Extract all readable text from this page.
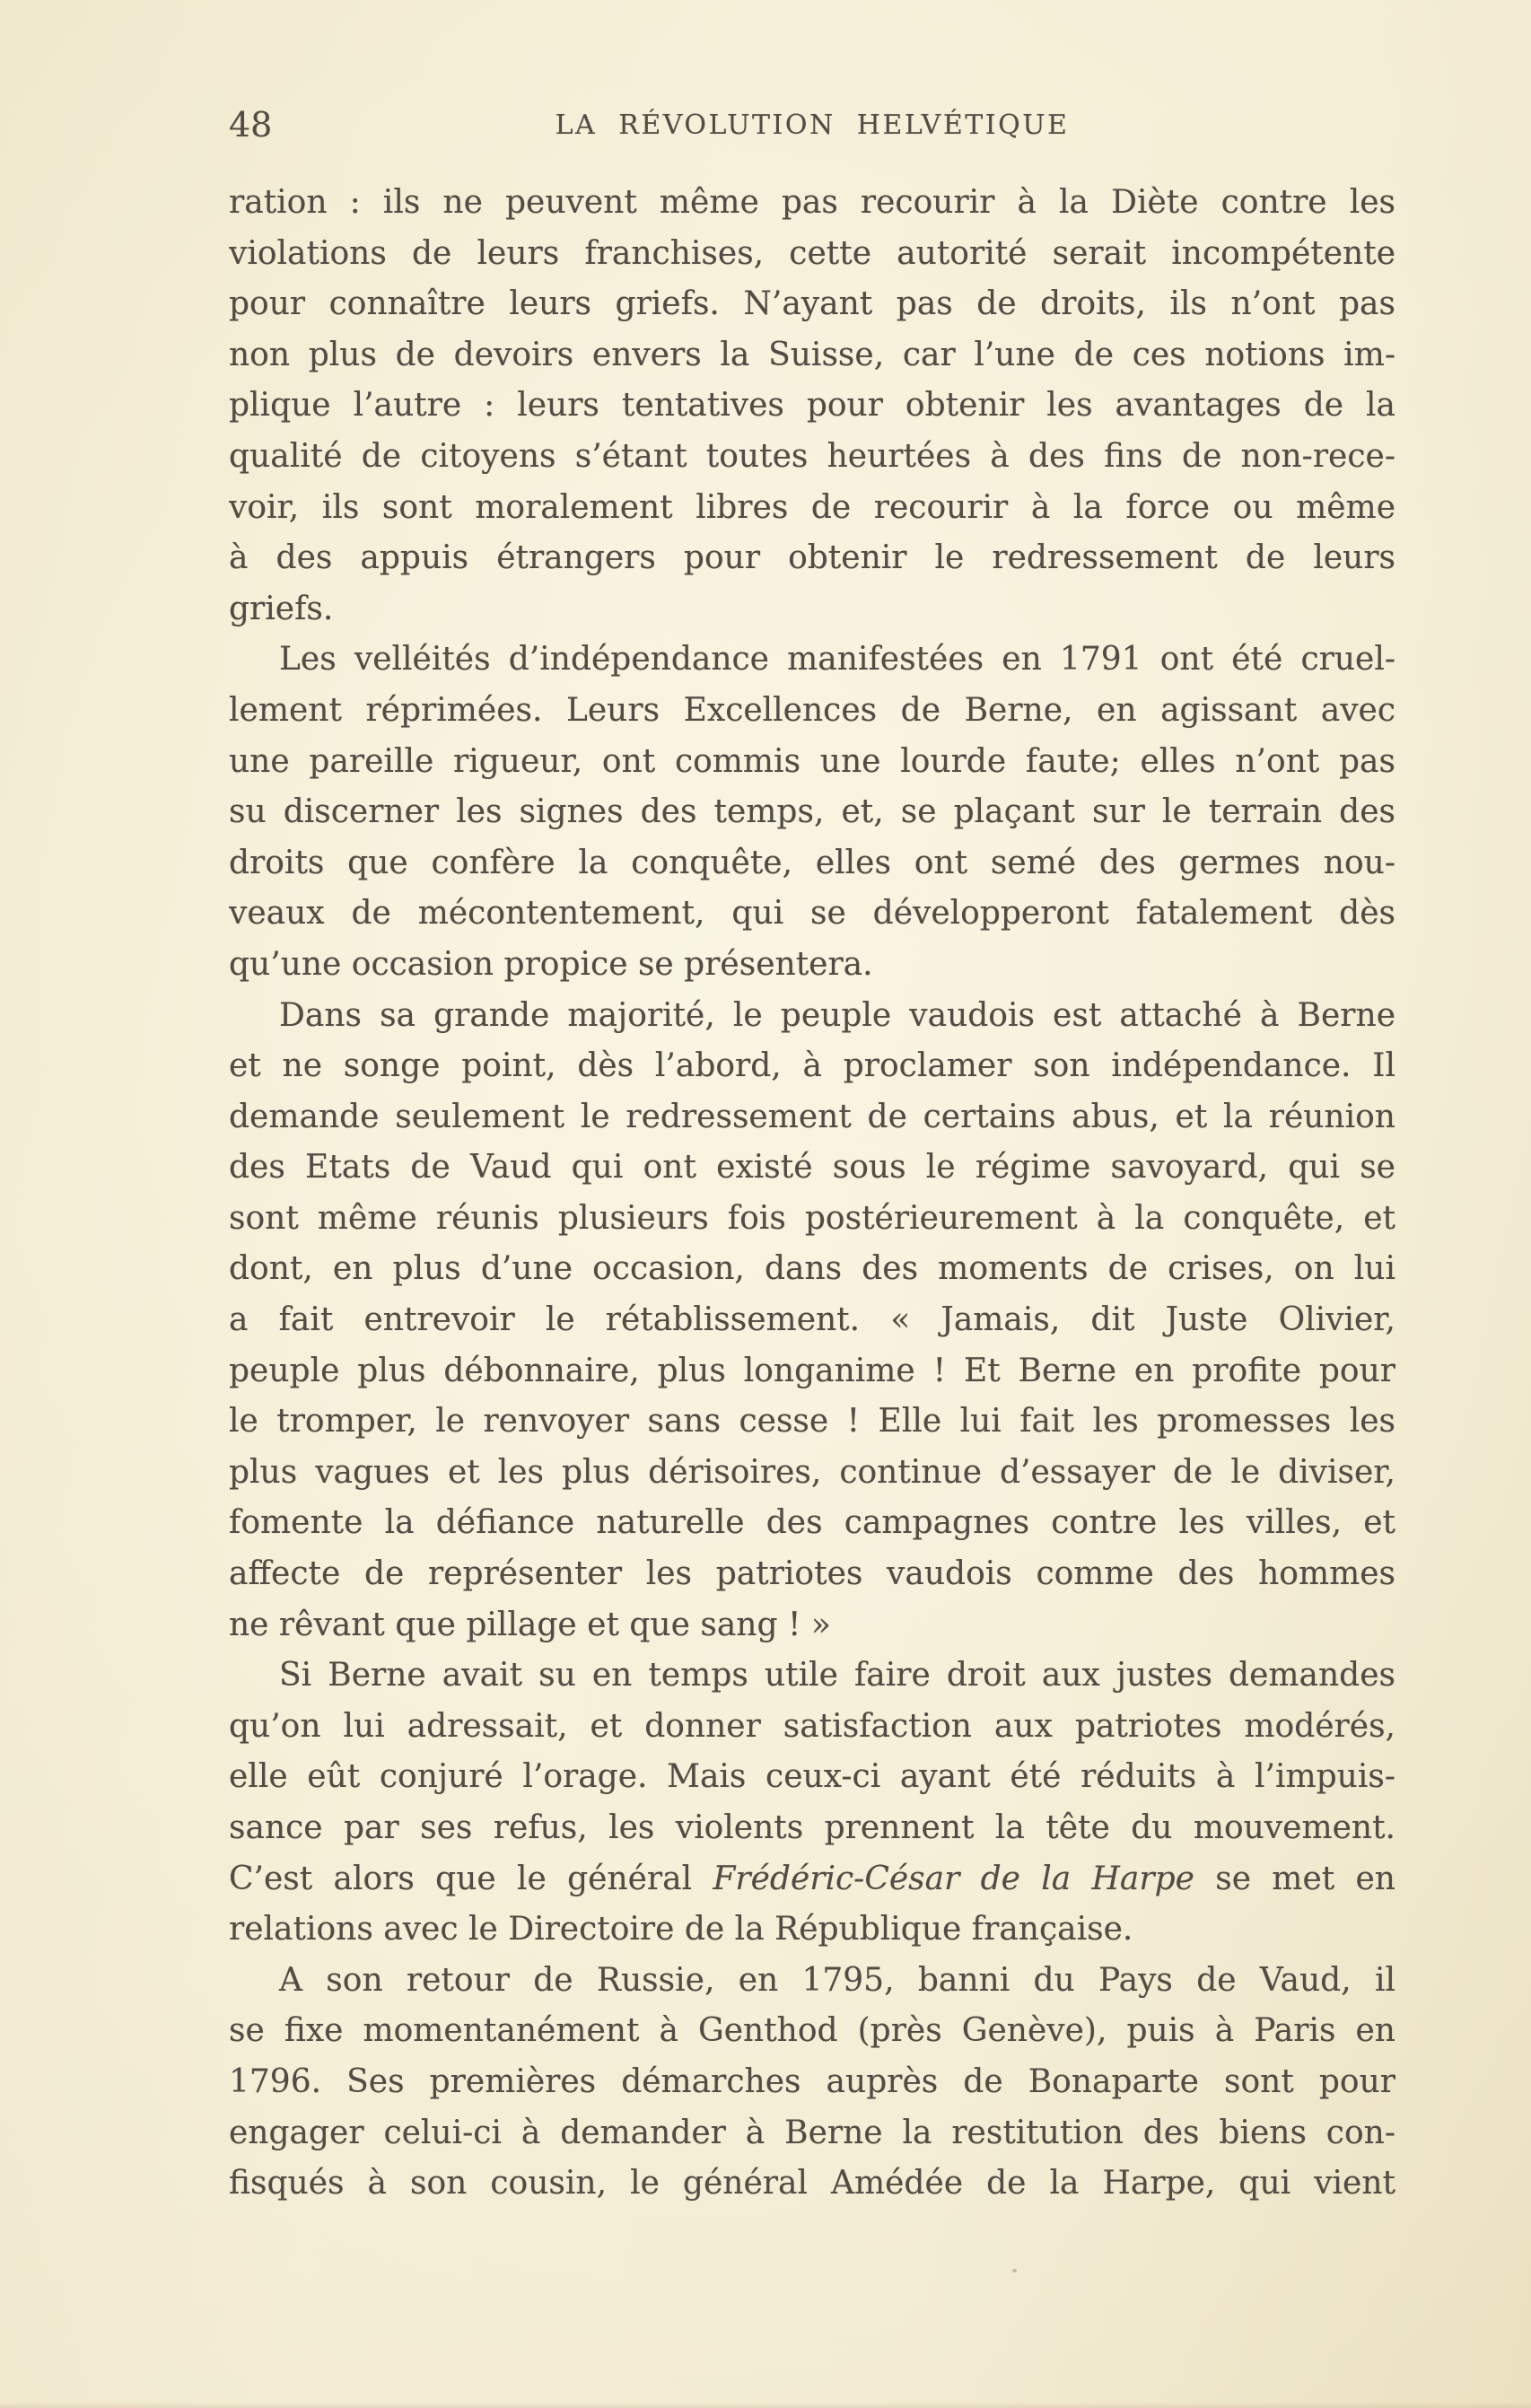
48	LA RÉVOLUTION HELVÉTIQUE
ration : ils ne peuvent même pas recourir à la Diète contre les
violations de leurs franchises, cette autorité serait incompétente
pour connaître leurs griefs. N’ayant pas de droits, ils n’ont pas
non plus de devoirs envers la Suisse, car l’une de ces notions im-
plique l’autre : leurs tentatives pour obtenir les avantages de la
qualité de citoyens s’étant toutes heurtées à des fins de non-rece-
voir, ils sont moralement libres de recourir à la force ou même
à des appuis étrangers pour obtenir le redressement de leurs
griefs.
Les velléités d’indépendance manifestées en 1791 ont été cruel-
lement réprimées. Leurs Excellences de Berne, en agissant avec
une pareille rigueur, ont commis une lourde faute; elles n’ont pas
su discerner les signes des temps, et, se plaçant sur le terrain des
droits que confère la conquête, elles ont semé des germes nou-
veaux de mécontentement, qui se développeront fatalement dès
qu’une occasion propice se présentera.
Dans sa grande majorité, le peuple vaudois est attaché à Berne
et ne songe point, dès l’abord, à proclamer son indépendance. Il
demande seulement le redressement de certains abus, et la réunion
des Etats de Vaud qui ont existé sous le régime savoyard, qui se
sont même réunis plusieurs fois postérieurement à la conquête, et
dont, en plus d’une occasion, dans des moments de crises, on lui
a fait entrevoir le rétablissement. « Jamais, dit Juste Olivier,
peuple plus débonnaire, plus longanime ! Et Berne en profite pour
le tromper, le renvoyer sans cesse ! Elle lui fait les promesses les
plus vagues et les plus dérisoires, continue d’essayer de le diviser,
fomente la défiance naturelle des campagnes contre les villes, et
affecte de représenter les patriotes vaudois comme des hommes
ne rêvant que pillage et que sang ! »
Si Berne avait su en temps utile faire droit aux justes demandes
qu’on lui adressait, et donner satisfaction aux patriotes modérés,
elle eût conjuré l’orage. Mais ceux-ci ayant été réduits à l’impuis-
sance par ses refus, les violents prennent la tête du mouvement.
C’est alors que le général Frédéric-César de la Harpe se met en
relations avec le Directoire de la République française.
A son retour de Russie, en 1795, banni du Pays de Vaud, il
se fixe momentanément à Genthod (près Genève), puis à Paris en
1796. Ses premières démarches auprès de Bonaparte sont pour
engager celui-ci à demander à Berne la restitution des biens con-
fisqués à son cousin, le général Amédée de la Harpe, qui vient
